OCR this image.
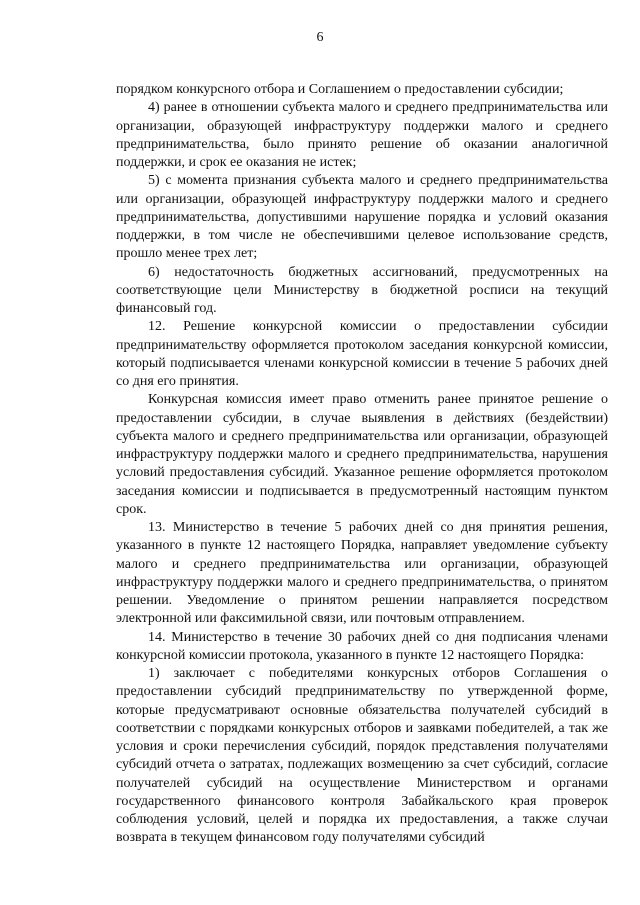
6

порядком конкурсного отбора и Соглашением о предоставлении субсидии;

4) ранее в отношении субъекта малого и среднего предпринимательства или организации, образующей инфраструктуру поддержки малого и среднего предпринимательства, было принято решение об оказании аналогичной поддержки, и срок ее оказания не истек;

5) с момента признания субъекта малого и среднего предпринимательства или организации, образующей инфраструктуру поддержки малого и среднего предпринимательства, допустившими нарушение порядка и условий оказания поддержки, в том числе не обеспечившими целевое использование средств, прошло менее трех лет;

6) недостаточность бюджетных ассигнований, предусмотренных на соответствующие цели Министерству в бюджетной росписи на текущий финансовый год.

12. Решение конкурсной комиссии о предоставлении субсидии предпринимательству оформляется протоколом заседания конкурсной комиссии, который подписывается членами конкурсной комиссии в течение 5 рабочих дней со дня его принятия.

Конкурсная комиссия имеет право отменить ранее принятое решение о предоставлении субсидии, в случае выявления в действиях (бездействии) субъекта малого и среднего предпринимательства или организации, образующей инфраструктуру поддержки малого и среднего предпринимательства, нарушения условий предоставления субсидий. Указанное решение оформляется протоколом заседания комиссии и подписывается в предусмотренный настоящим пунктом срок.

13. Министерство в течение 5 рабочих дней со дня принятия решения, указанного в пункте 12 настоящего Порядка, направляет уведомление субъекту малого и среднего предпринимательства или организации, образующей инфраструктуру поддержки малого и среднего предпринимательства, о принятом решении. Уведомление о принятом решении направляется посредством электронной или факсимильной связи, или почтовым отправлением.

14. Министерство в течение 30 рабочих дней со дня подписания членами конкурсной комиссии протокола, указанного в пункте 12 настоящего Порядка:

1) заключает с победителями конкурсных отборов Соглашения о предоставлении субсидий предпринимательству по утвержденной форме, которые предусматривают основные обязательства получателей субсидий в соответствии с порядками конкурсных отборов и заявками победителей, а так же условия и сроки перечисления субсидий, порядок представления получателями субсидий отчета о затратах, подлежащих возмещению за счет субсидий, согласие получателей субсидий на осуществление Министерством и органами государственного финансового контроля Забайкальского края проверок соблюдения условий, целей и порядка их предоставления, а также случаи возврата в текущем финансовом году получателями субсидий
